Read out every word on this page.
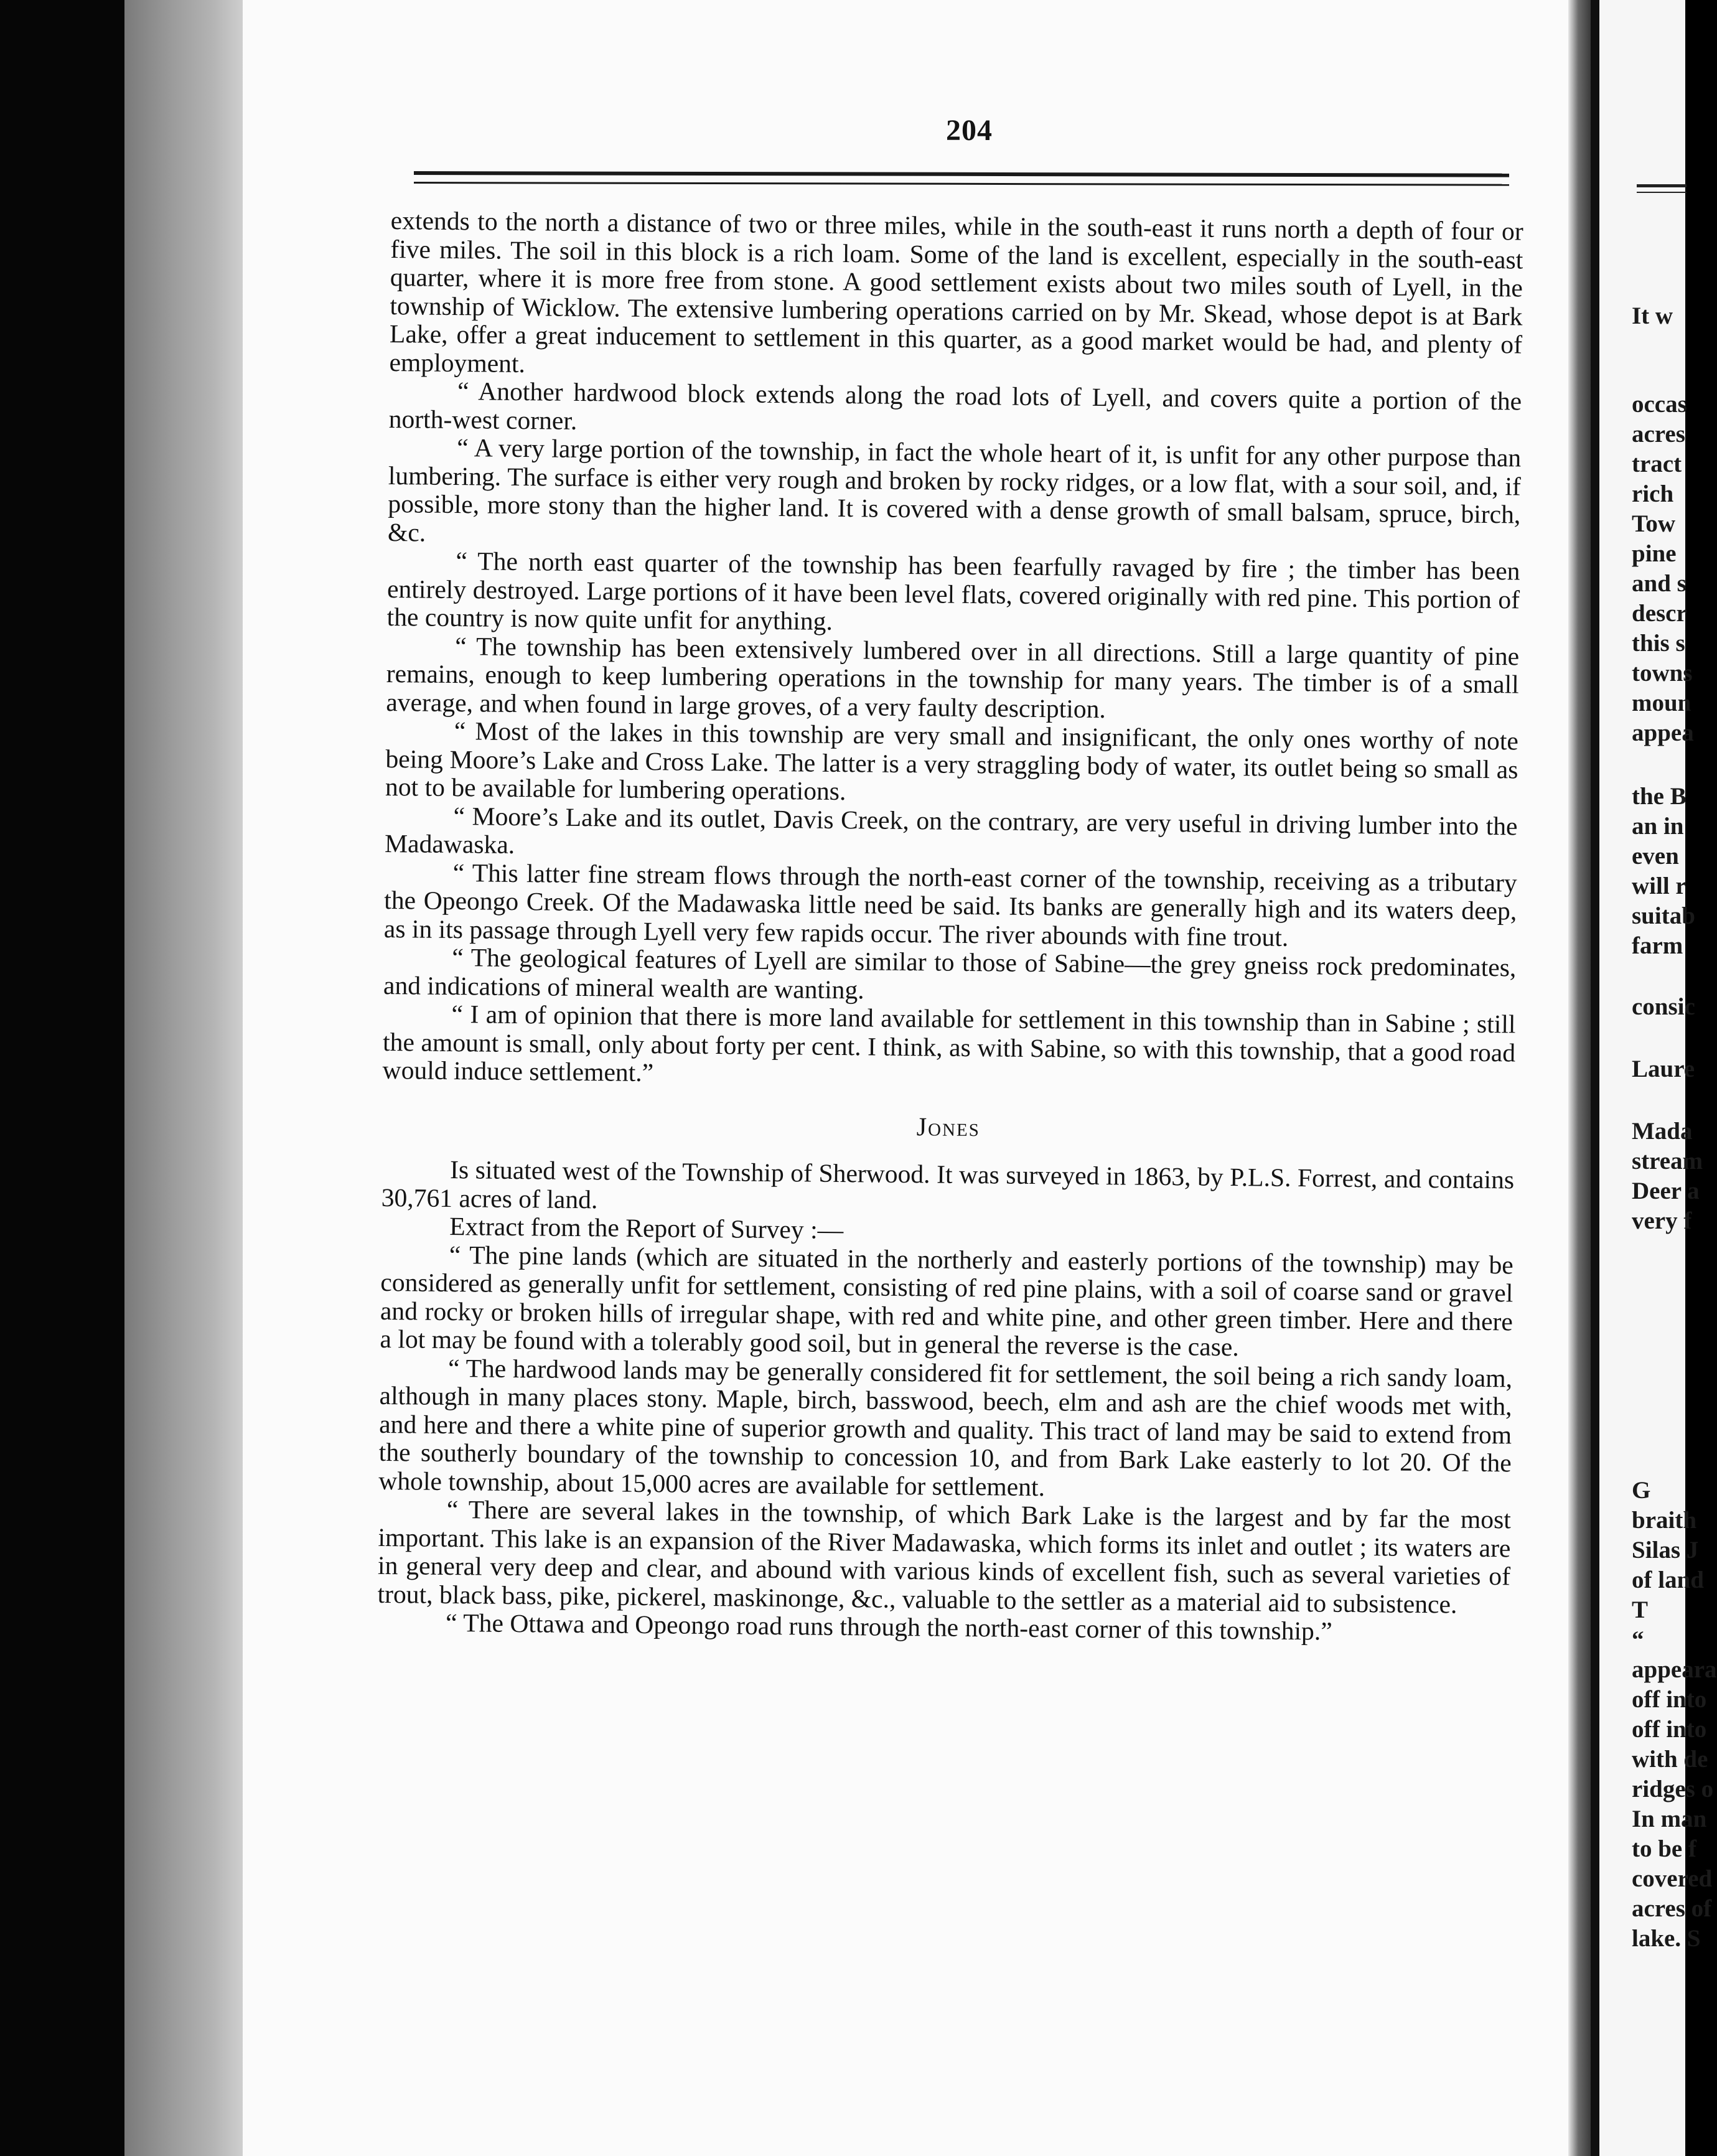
204

extends to the north a distance of two or three miles, while in the south-east it runs north a depth of four or five miles. The soil in this block is a rich loam. Some of the land is excellent, especially in the south-east quarter, where it is more free from stone. A good settlement exists about two miles south of Lyell, in the township of Wicklow. The extensive lumbering operations carried on by Mr. Skead, whose depot is at Bark Lake, offer a great inducement to settlement in this quarter, as a good market would be had, and plenty of employment.

“ Another hardwood block extends along the road lots of Lyell, and covers quite a portion of the north-west corner.

“ A very large portion of the township, in fact the whole heart of it, is unfit for any other purpose than lumbering. The surface is either very rough and broken by rocky ridges, or a low flat, with a sour soil, and, if possible, more stony than the higher land. It is covered with a dense growth of small balsam, spruce, birch, &c.

“ The north east quarter of the township has been fearfully ravaged by fire ; the timber has been entirely destroyed. Large portions of it have been level flats, covered originally with red pine. This portion of the country is now quite unfit for anything.

“ The township has been extensively lumbered over in all directions. Still a large quantity of pine remains, enough to keep lumbering operations in the township for many years. The timber is of a small average, and when found in large groves, of a very faulty description.

“ Most of the lakes in this township are very small and insignificant, the only ones worthy of note being Moore’s Lake and Cross Lake. The latter is a very straggling body of water, its outlet being so small as not to be available for lumbering operations.

“ Moore’s Lake and its outlet, Davis Creek, on the contrary, are very useful in driving lumber into the Madawaska.

“ This latter fine stream flows through the north-east corner of the township, receiving as a tributary the Opeongo Creek. Of the Madawaska little need be said. Its banks are generally high and its waters deep, as in its passage through Lyell very few rapids occur. The river abounds with fine trout.

“ The geological features of Lyell are similar to those of Sabine—the grey gneiss rock predominates, and indications of mineral wealth are wanting.

“ I am of opinion that there is more land available for settlement in this township than in Sabine ; still the amount is small, only about forty per cent. I think, as with Sabine, so with this township, that a good road would induce settlement.”

Jones

Is situated west of the Township of Sherwood. It was surveyed in 1863, by P.L.S. Forrest, and contains 30,761 acres of land.

Extract from the Report of Survey :—

“ The pine lands (which are situated in the northerly and easterly portions of the township) may be considered as generally unfit for settlement, consisting of red pine plains, with a soil of coarse sand or gravel and rocky or broken hills of irregular shape, with red and white pine, and other green timber. Here and there a lot may be found with a tolerably good soil, but in general the reverse is the case.

“ The hardwood lands may be generally considered fit for settlement, the soil being a rich sandy loam, although in many places stony. Maple, birch, basswood, beech, elm and ash are the chief woods met with, and here and there a white pine of superior growth and quality. This tract of land may be said to extend from the southerly boundary of the township to concession 10, and from Bark Lake easterly to lot 20. Of the whole township, about 15,000 acres are available for settlement.

“ There are several lakes in the township, of which Bark Lake is the largest and by far the most important. This lake is an expansion of the River Madawaska, which forms its inlet and outlet ; its waters are in general very deep and clear, and abound with various kinds of excellent fish, such as several varieties of trout, black bass, pike, pickerel, maskinonge, &c., valuable to the settler as a material aid to subsistence.

“ The Ottawa and Opeongo road runs through the north-east corner of this township.”

It w
occas
acres
tract
rich
Tow
pine
and s
descr
this s
towns
moun
appea
the B
an in
even
will r
suitab
farm
consic
Laure
Mada
stream
Deer a
very f
G
braith
Silas J
of land
T
“
appeara
off into
off into
with de
ridges o
In man
to be f
covered
acres of
lake. S
